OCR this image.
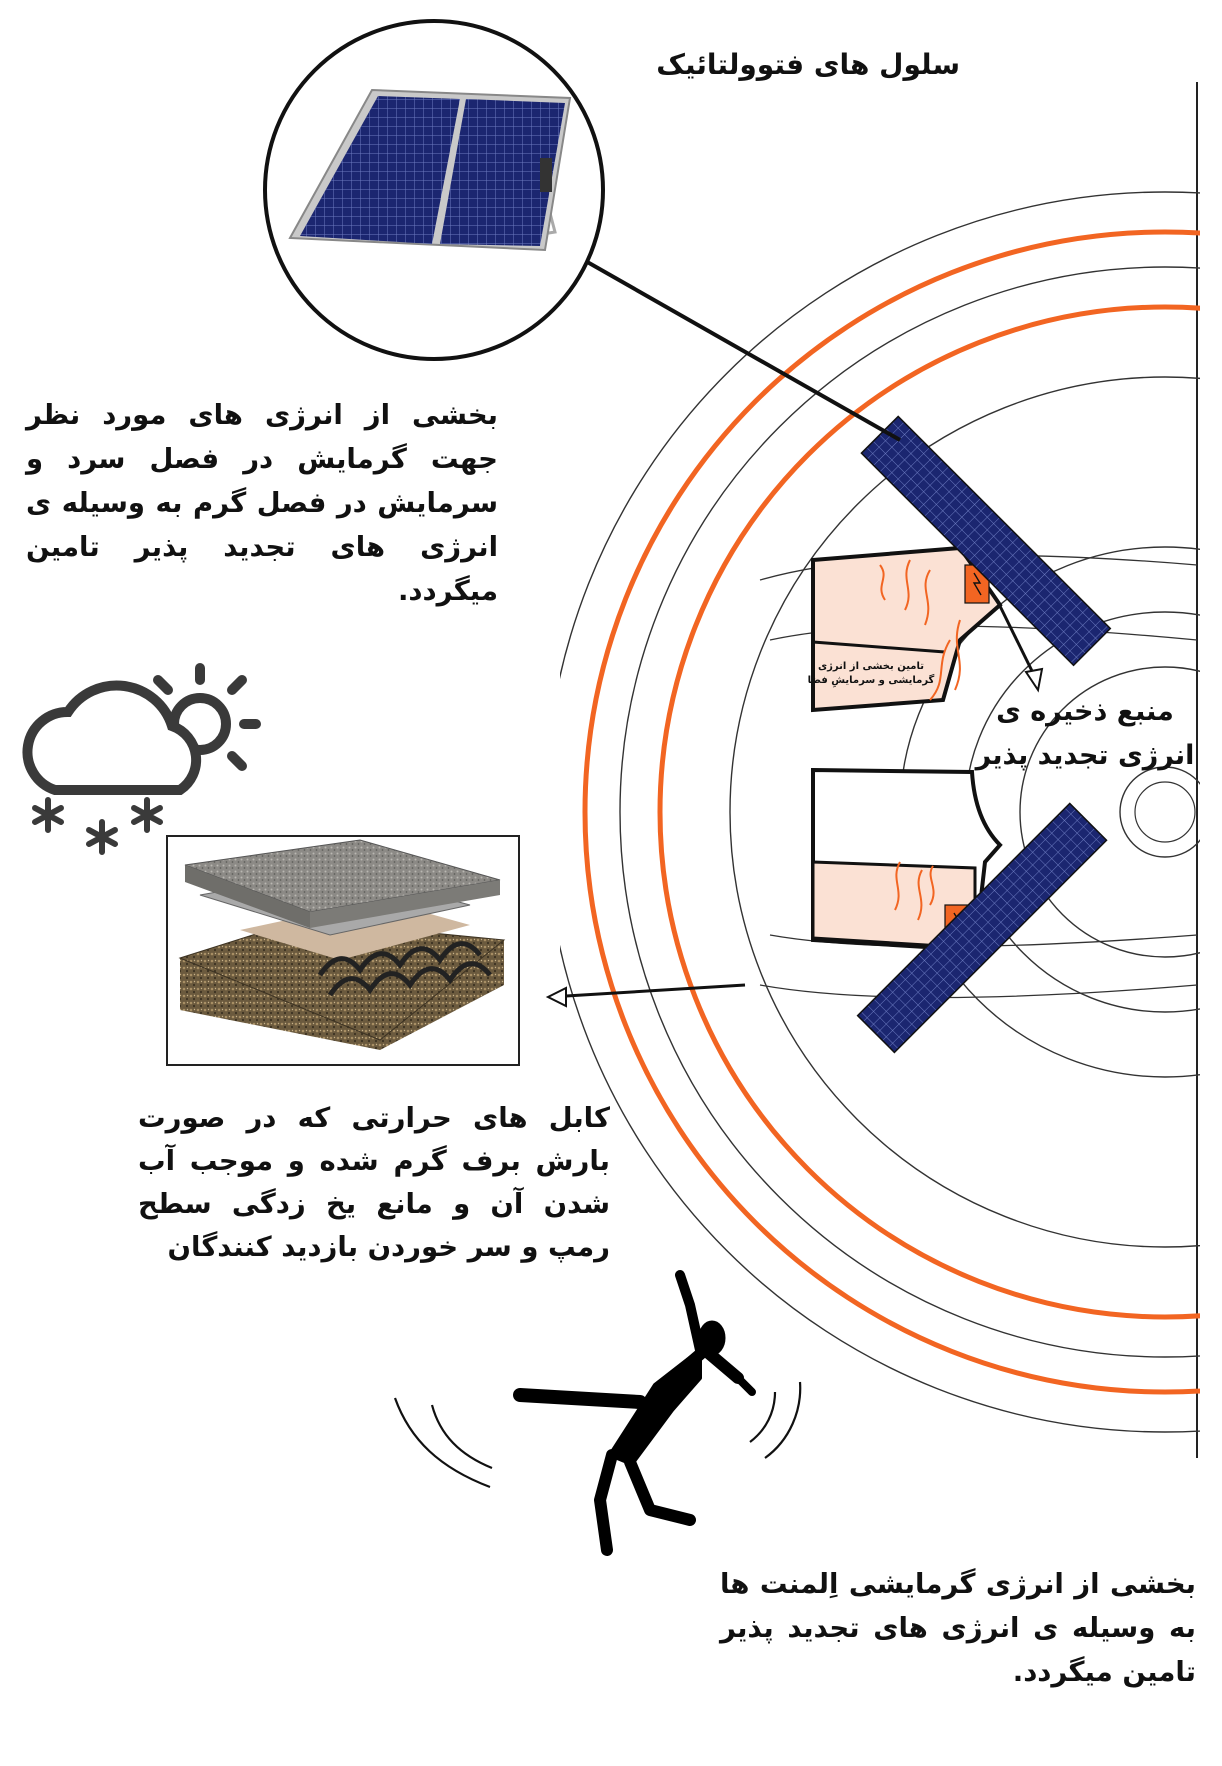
سلول های فتوولتائیک

بخشی از انرژی های مورد نظر جهت گرمایش در فصل سرد و سرمایش در فصل گرم به وسیله ی انرژی های تجدید پذیر تامین میگردد.

تامین بخشی از انرژی گرمایشی و سرمایشِ فضا

منبع ذخیره ی انرژی تجدید پذیر

کابل های حرارتی که در صورت بارش برف گرم شده و موجب آب شدن آن و مانع یخ زدگی سطح رمپ و سر خوردن بازدید کنندگان

بخشی از انرژی گرمایشی اِلمنت ها به وسیله ی انرژی های تجدید پذیر تامین میگردد.
